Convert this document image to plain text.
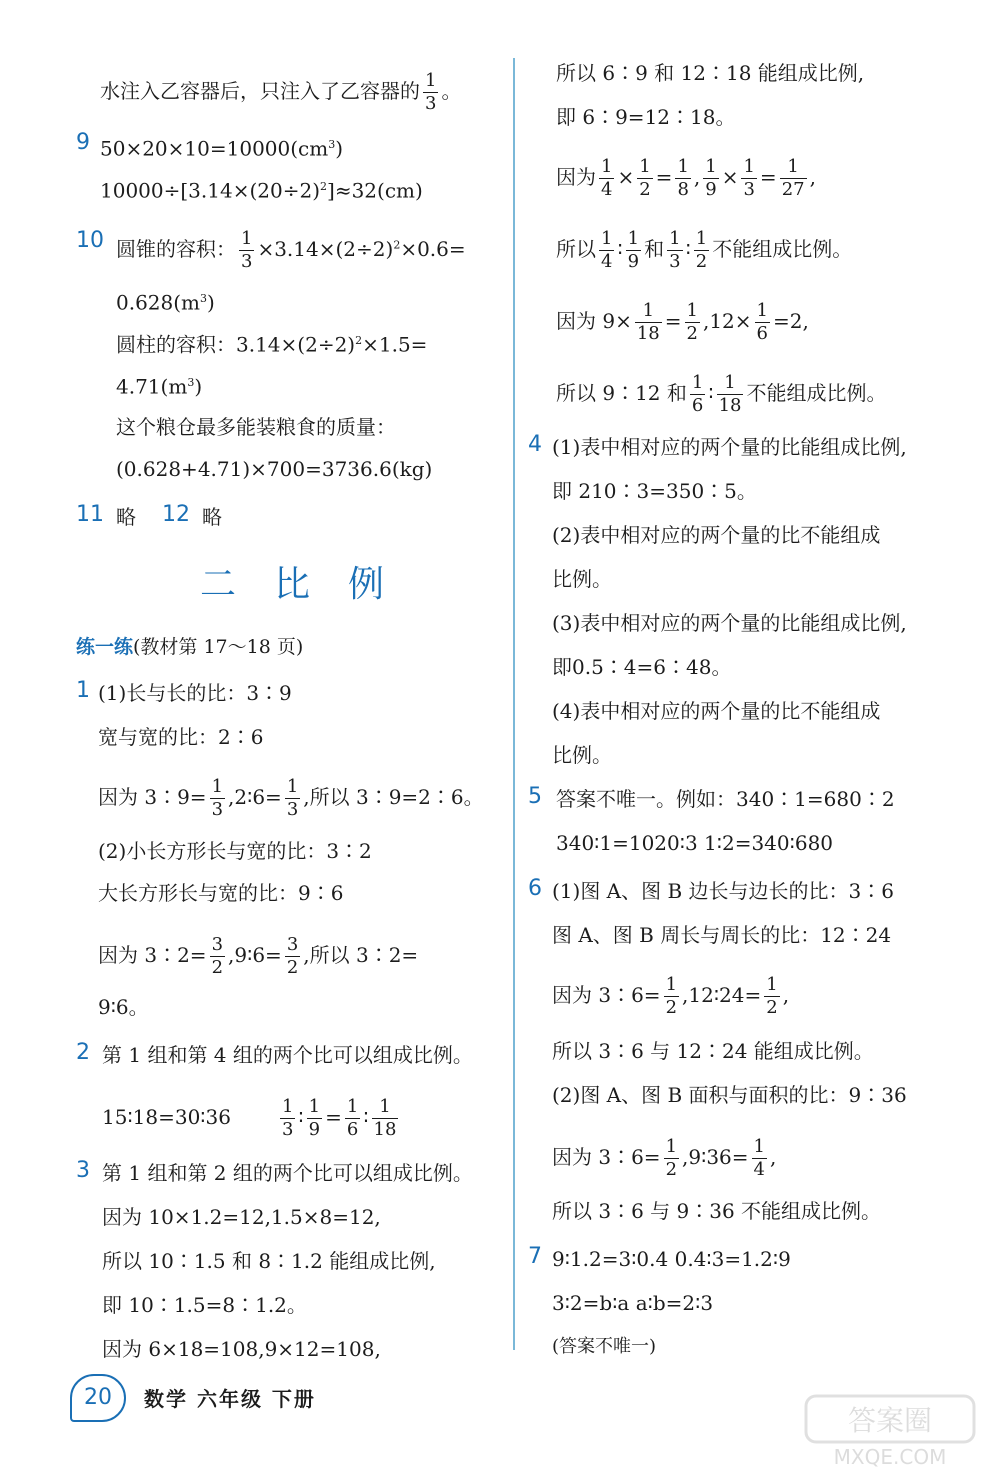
水注入乙容器后，只注入了乙容器的 $\frac{1}{3}$ 。
9 $50\times 20\times 10=10000(cm^3)$
$10000\div[3.14\times(20\div 2)^2]\approx 32(cm)$
10 圆锥的容积： $\frac{1}{3} \times 3.14\times(2\div 2)^2\times 0.6=$
$0.628(m^3)$
圆柱的容积：$3.14\times(2\div 2)^2\times 1.5=$
$4.71(m^3)$
这个粮仓最多能装粮食的质量：
(0.628+4.71)×700=3736.6(kg)
11 略 12 略
二比例
练一练(教材第 17～18 页)
1 (1)长与长的比：3∶9
宽与宽的比：2∶6
因为 3∶9= $\frac{1}{3}$ ,2∶6= $\frac{1}{3}$ ,所以 3∶9=2∶6。
(2)小长方形长与宽的比：3∶2
大长方形长与宽的比：9∶6
因为 3∶2= $\frac{3}{2}$ ,9∶6= $\frac{3}{2}$ ,所以 3∶2=
9∶6。
2 第 1 组和第 4 组的两个比可以组成比例。
15∶18=30∶36	$\frac{1}{3}$ ∶ $\frac{1}{9} = \frac{1}{6}$ ∶ $\frac{1}{18}$
3 第 1 组和第 2 组的两个比可以组成比例。
因为 10×1.2=12,1.5×8=12,
所以 10∶1.5 和 8∶1.2 能组成比例,
即 10∶1.5=8∶1.2。
因为 6×18=108,9×12=108,
所以 6∶9 和 12∶18 能组成比例,
即 6∶9=12∶18。
因为 $\frac{1}{4} \times \frac{1}{2} = \frac{1}{8}$ , $\frac{1}{9} \times \frac{1}{3} = \frac{1}{27}$ ,
所以 $\frac{1}{4}$ ∶ $\frac{1}{9}$ 和 $\frac{1}{3}$ ∶ $\frac{1}{2}$ 不能组成比例。
因为 $9\times \frac{1}{18} = \frac{1}{2} ,12\times \frac{1}{6} =2$,
所以 9∶12 和 $\frac{1}{6}$ ∶ $\frac{1}{18}$ 不能组成比例。
4 (1)表中相对应的两个量的比能组成比例,
即 210∶3=350∶5。
(2)表中相对应的两个量的比不能组成
比例。
(3)表中相对应的两个量的比能组成比例,
即0.5∶4=6∶48。
(4)表中相对应的两个量的比不能组成
比例。
5 答案不唯一。例如：340∶1=680∶2
340∶1=1020∶3 1∶2=340∶680
6 (1)图 A、图 B 边长与边长的比：3∶6
图 A、图 B 周长与周长的比：12∶24
因为 3∶6= $\frac{1}{2}$ ,12∶24= $\frac{1}{2}$ ,
所以 3∶6 与 12∶24 能组成比例。
(2)图 A、图 B 面积与面积的比：9∶36
因为 3∶6= $\frac{1}{2}$ ,9∶36= $\frac{1}{4}$ ,
所以 3∶6 与 9∶36 不能组成比例。
7 9∶1.2=3∶0.4 0.4∶3=1.2∶9
3∶2=b∶a a∶b=2∶3
(答案不唯一)
20	数学 六年级 下册
答案圈
MXQE.COM
